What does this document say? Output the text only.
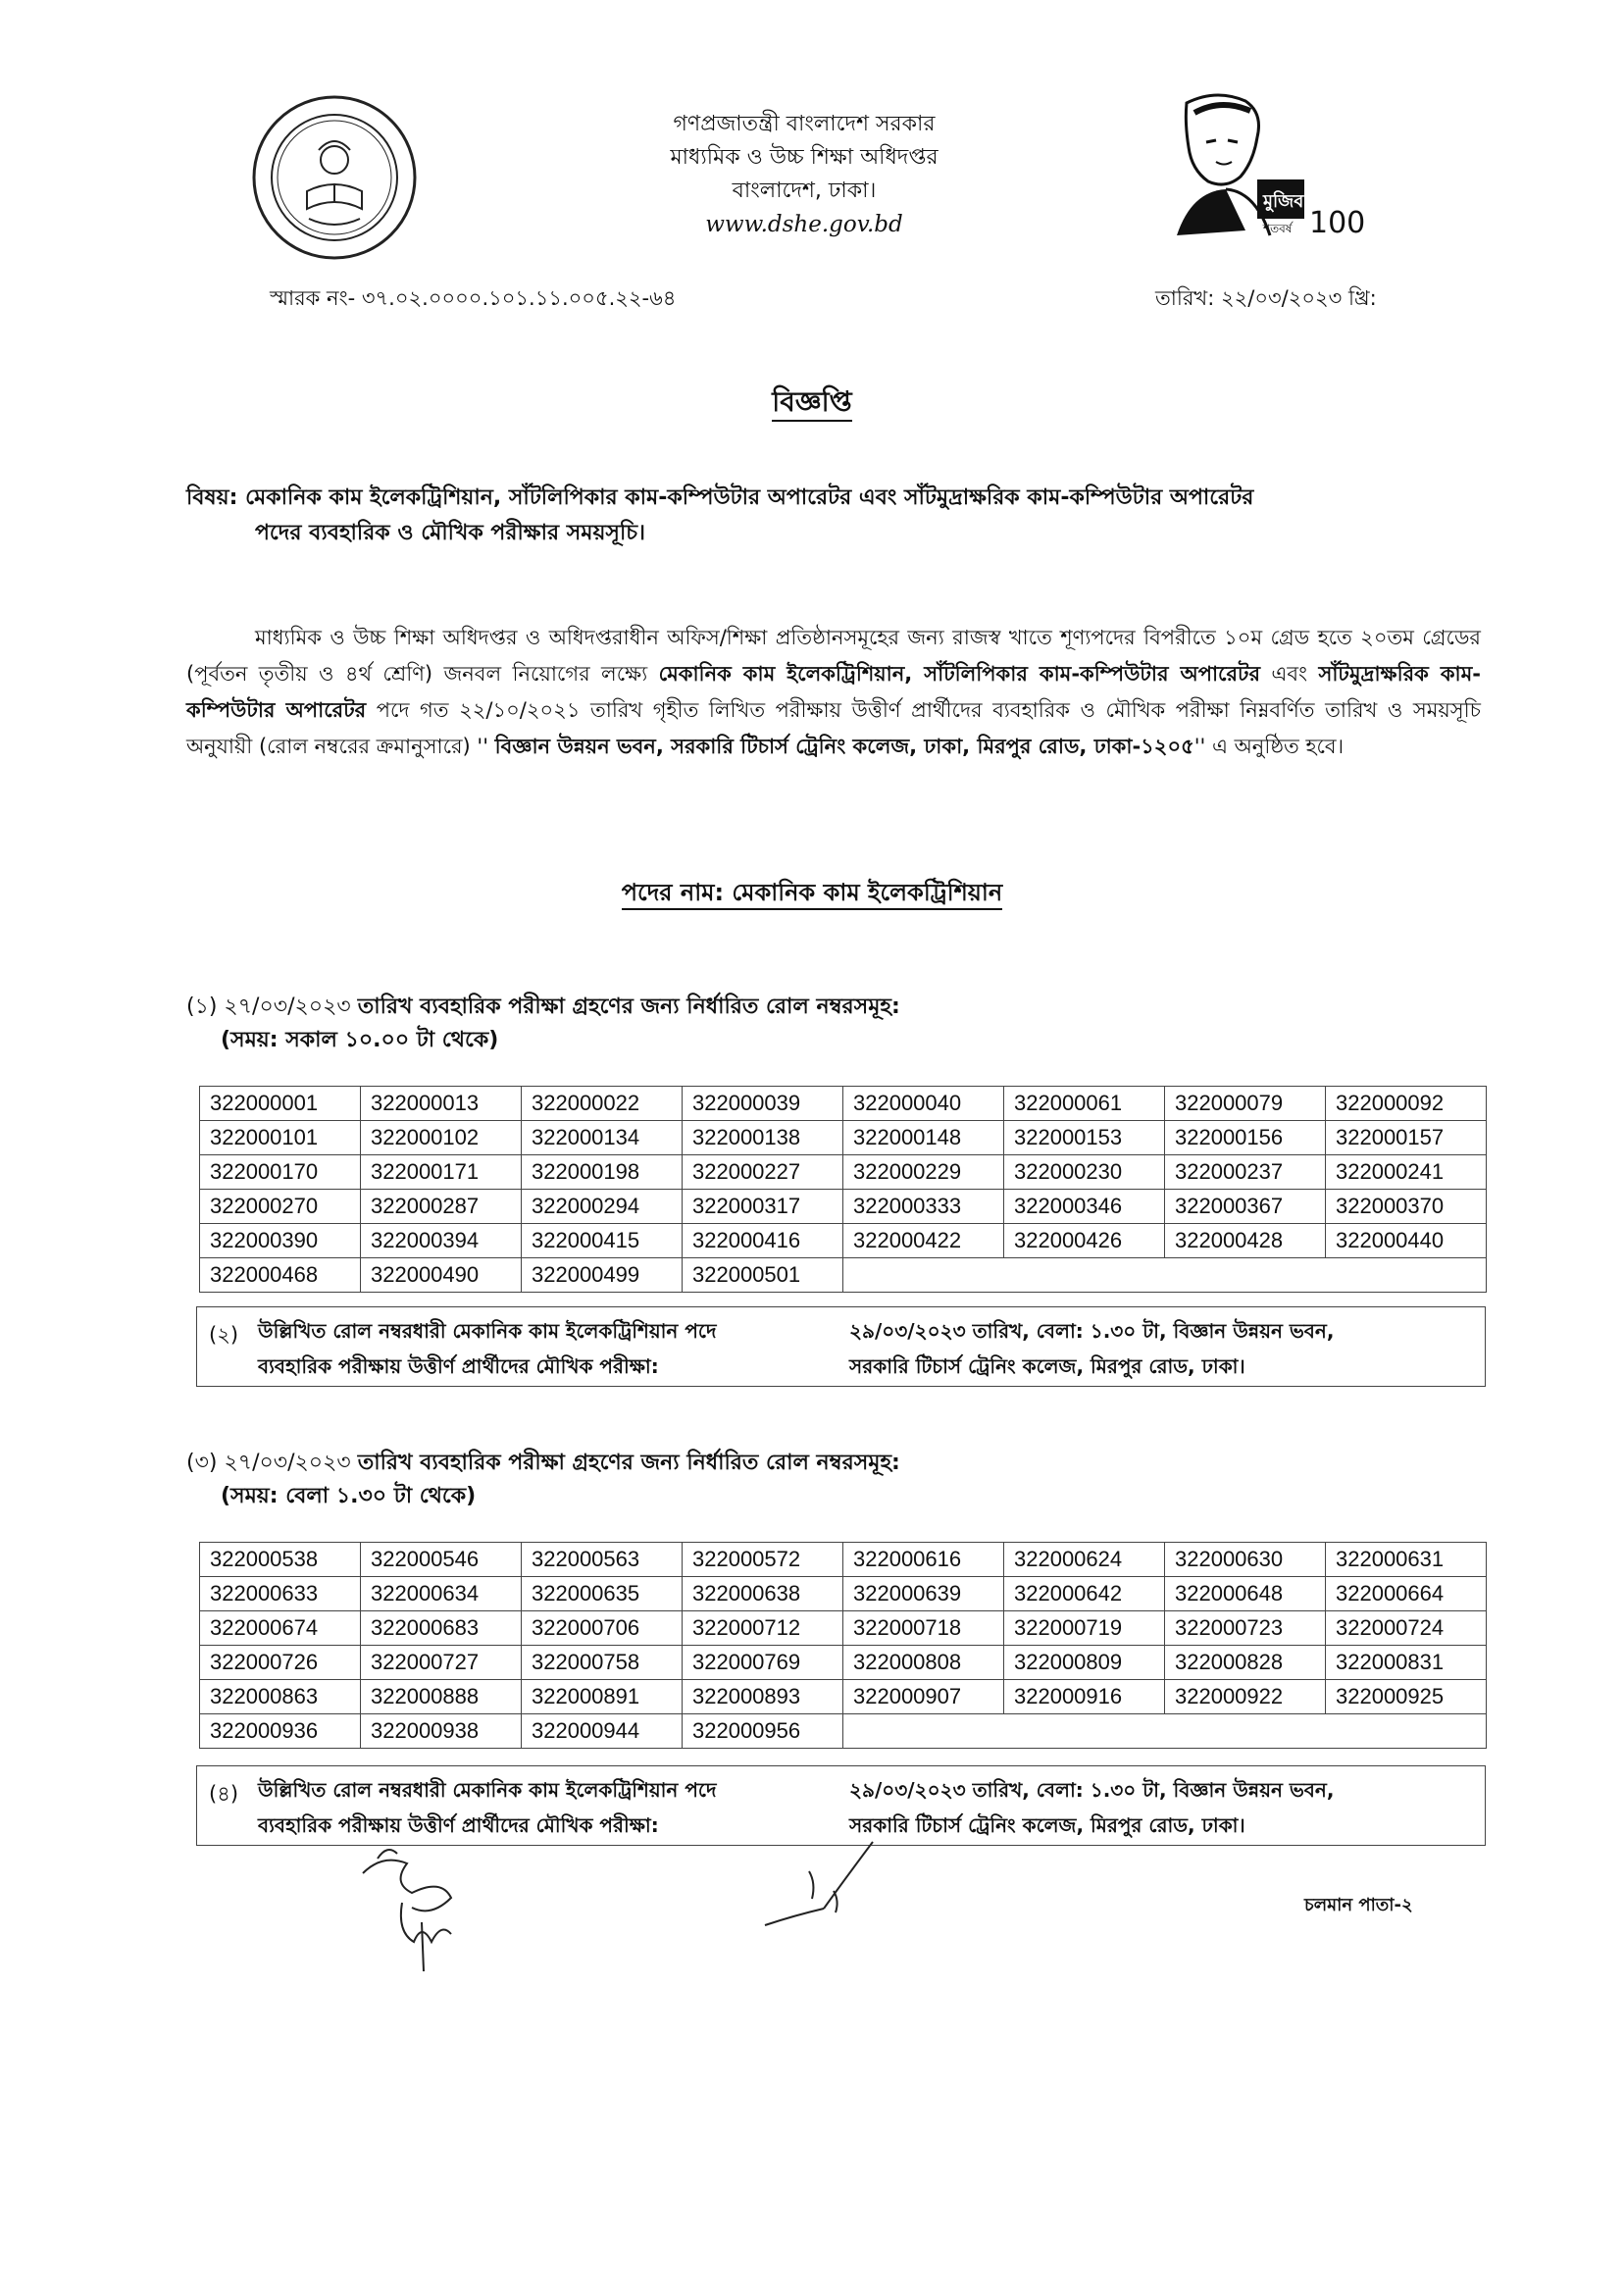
গণপ্রজাতন্ত্রী বাংলাদেশ সরকার
মাধ্যমিক ও উচ্চ শিক্ষা অধিদপ্তর
বাংলাদেশ, ঢাকা।
www.dshe.gov.bd
মুজিব
শতবর্ষ 100
স্মারক নং- ৩৭.০২.০০০০.১০১.১১.০০৫.২২-৬৪	তারিখ: ২২/০৩/২০২৩ খ্রি:
বিজ্ঞপ্তি
বিষয়: মেকানিক কাম ইলেকট্রিশিয়ান, সাঁটলিপিকার কাম-কম্পিউটার অপারেটর এবং সাঁটমুদ্রাক্ষরিক কাম-কম্পিউটার অপারেটর
পদের ব্যবহারিক ও মৌখিক পরীক্ষার সময়সূচি।
মাধ্যমিক ও উচ্চ শিক্ষা অধিদপ্তর ও অধিদপ্তরাধীন অফিস/শিক্ষা প্রতিষ্ঠানসমূহের জন্য রাজস্ব খাতে শূণ্যপদের বিপরীতে ১০ম গ্রেড হতে ২০তম গ্রেডের (পূর্বতন তৃতীয় ও ৪র্থ শ্রেণি) জনবল নিয়োগের লক্ষ্যে মেকানিক কাম ইলেকট্রিশিয়ান, সাঁটলিপিকার কাম-কম্পিউটার অপারেটর এবং সাঁটমুদ্রাক্ষরিক কাম-কম্পিউটার অপারেটর পদে গত ২২/১০/২০২১ তারিখ গৃহীত লিখিত পরীক্ষায় উত্তীর্ণ প্রার্থীদের ব্যবহারিক ও মৌখিক পরীক্ষা নিম্নবর্ণিত তারিখ ও সময়সূচি অনুযায়ী (রোল নম্বরের ক্রমানুসারে) '' বিজ্ঞান উন্নয়ন ভবন, সরকারি টিচার্স ট্রেনিং কলেজ, ঢাকা, মিরপুর রোড, ঢাকা-১২০৫'' এ অনুষ্ঠিত হবে।
পদের নাম: মেকানিক কাম ইলেকট্রিশিয়ান
(১) ২৭/০৩/২০২৩ তারিখ ব্যবহারিক পরীক্ষা গ্রহণের জন্য নির্ধারিত রোল নম্বরসমূহ:
(সময়: সকাল ১০.০০ টা থেকে)
322000001	322000013	322000022	322000039	322000040	322000061	322000079	322000092
322000101	322000102	322000134	322000138	322000148	322000153	322000156	322000157
322000170	322000171	322000198	322000227	322000229	322000230	322000237	322000241
322000270	322000287	322000294	322000317	322000333	322000346	322000367	322000370
322000390	322000394	322000415	322000416	322000422	322000426	322000428	322000440
322000468	322000490	322000499	322000501				
(২) উল্লিখিত রোল নম্বরধারী মেকানিক কাম ইলেকট্রিশিয়ান পদে
ব্যবহারিক পরীক্ষায় উত্তীর্ণ প্রার্থীদের মৌখিক পরীক্ষা:
২৯/০৩/২০২৩ তারিখ, বেলা: ১.৩০ টা, বিজ্ঞান উন্নয়ন ভবন,
সরকারি টিচার্স ট্রেনিং কলেজ, মিরপুর রোড, ঢাকা।
(৩) ২৭/০৩/২০২৩ তারিখ ব্যবহারিক পরীক্ষা গ্রহণের জন্য নির্ধারিত রোল নম্বরসমূহ:
(সময়: বেলা ১.৩০ টা থেকে)
322000538	322000546	322000563	322000572	322000616	322000624	322000630	322000631
322000633	322000634	322000635	322000638	322000639	322000642	322000648	322000664
322000674	322000683	322000706	322000712	322000718	322000719	322000723	322000724
322000726	322000727	322000758	322000769	322000808	322000809	322000828	322000831
322000863	322000888	322000891	322000893	322000907	322000916	322000922	322000925
322000936	322000938	322000944	322000956				
(৪) উল্লিখিত রোল নম্বরধারী মেকানিক কাম ইলেকট্রিশিয়ান পদে
ব্যবহারিক পরীক্ষায় উত্তীর্ণ প্রার্থীদের মৌখিক পরীক্ষা:
২৯/০৩/২০২৩ তারিখ, বেলা: ১.৩০ টা, বিজ্ঞান উন্নয়ন ভবন,
সরকারি টিচার্স ট্রেনিং কলেজ, মিরপুর রোড, ঢাকা।
চলমান পাতা-২
